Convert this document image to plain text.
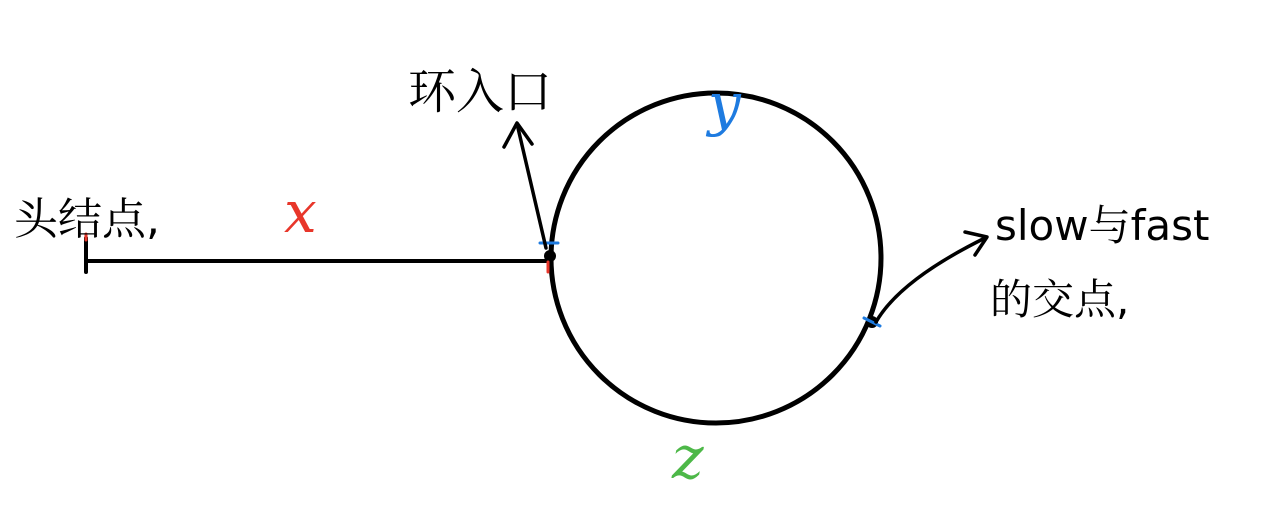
头结点,
环入口
slow与fast
的交点,
x
y
z
